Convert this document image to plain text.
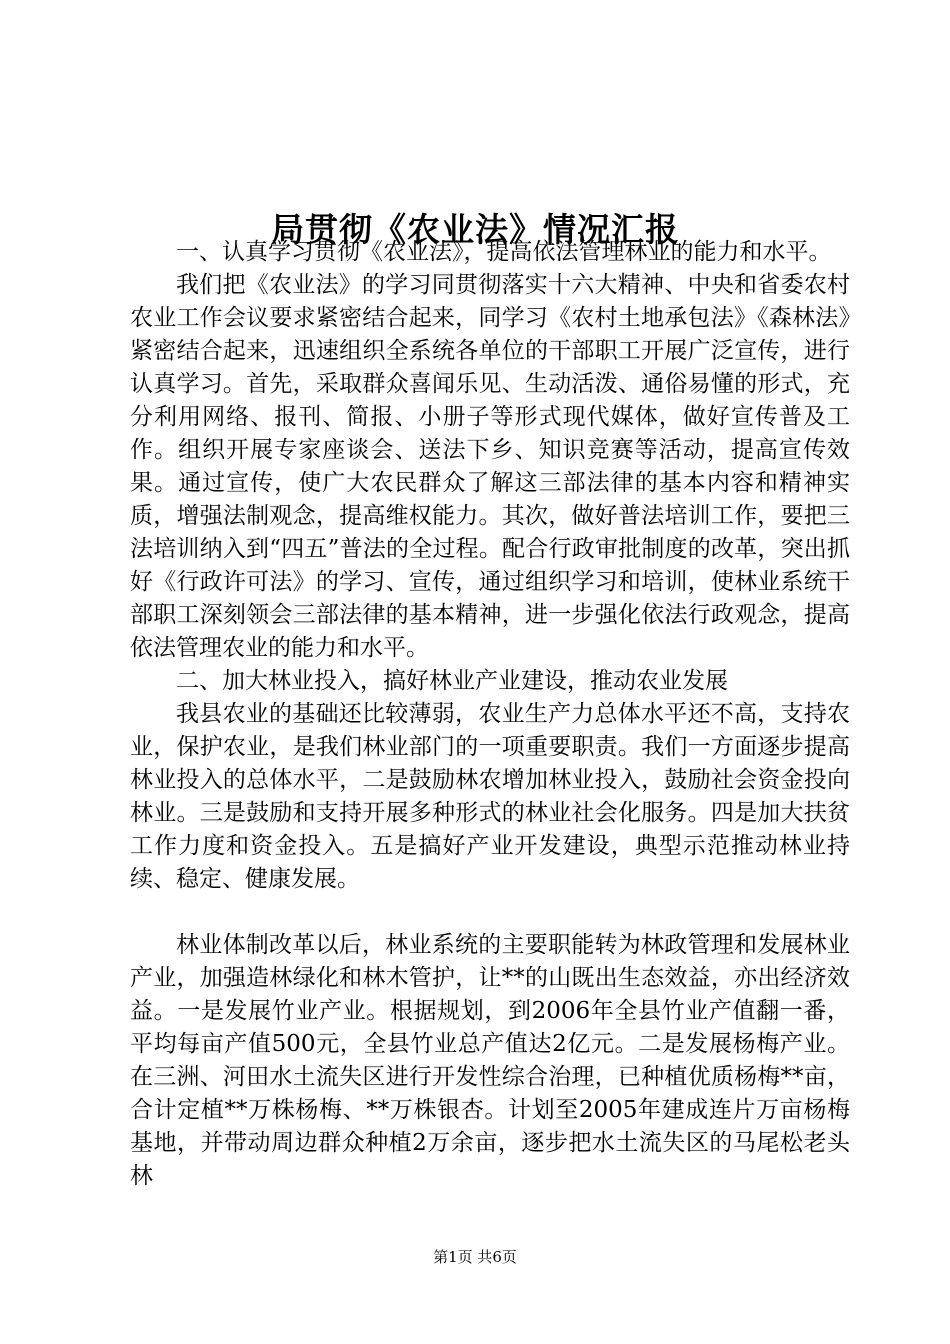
局贯彻《农业法》情况汇报

一、认真学习贯彻《农业法》，提高依法管理林业的能力和水平。

我们把《农业法》的学习同贯彻落实十六大精神、中央和省委农村农业工作会议要求紧密结合起来，同学习《农村土地承包法》《森林法》紧密结合起来，迅速组织全系统各单位的干部职工开展广泛宣传，进行认真学习。首先，采取群众喜闻乐见、生动活泼、通俗易懂的形式，充分利用网络、报刊、简报、小册子等形式现代媒体，做好宣传普及工作。组织开展专家座谈会、送法下乡、知识竞赛等活动，提高宣传效果。通过宣传，使广大农民群众了解这三部法律的基本内容和精神实质，增强法制观念，提高维权能力。其次，做好普法培训工作，要把三法培训纳入到“四五”普法的全过程。配合行政审批制度的改革，突出抓好《行政许可法》的学习、宣传，通过组织学习和培训，使林业系统干部职工深刻领会三部法律的基本精神，进一步强化依法行政观念，提高依法管理农业的能力和水平。

二、加大林业投入，搞好林业产业建设，推动农业发展

我县农业的基础还比较薄弱，农业生产力总体水平还不高，支持农业，保护农业，是我们林业部门的一项重要职责。我们一方面逐步提高林业投入的总体水平，二是鼓励林农增加林业投入，鼓励社会资金投向林业。三是鼓励和支持开展多种形式的林业社会化服务。四是加大扶贫工作力度和资金投入。五是搞好产业开发建设，典型示范推动林业持续、稳定、健康发展。

林业体制改革以后，林业系统的主要职能转为林政管理和发展林业产业，加强造林绿化和林木管护，让**的山既出生态效益，亦出经济效益。一是发展竹业产业。根据规划，到2006年全县竹业产值翻一番，平均每亩产值500元，全县竹业总产值达2亿元。二是发展杨梅产业。在三洲、河田水土流失区进行开发性综合治理，已种植优质杨梅**亩，合计定植**万株杨梅、**万株银杏。计划至2005年建成连片万亩杨梅基地，并带动周边群众种植2万余亩，逐步把水土流失区的马尾松老头林

第1页 共6页
